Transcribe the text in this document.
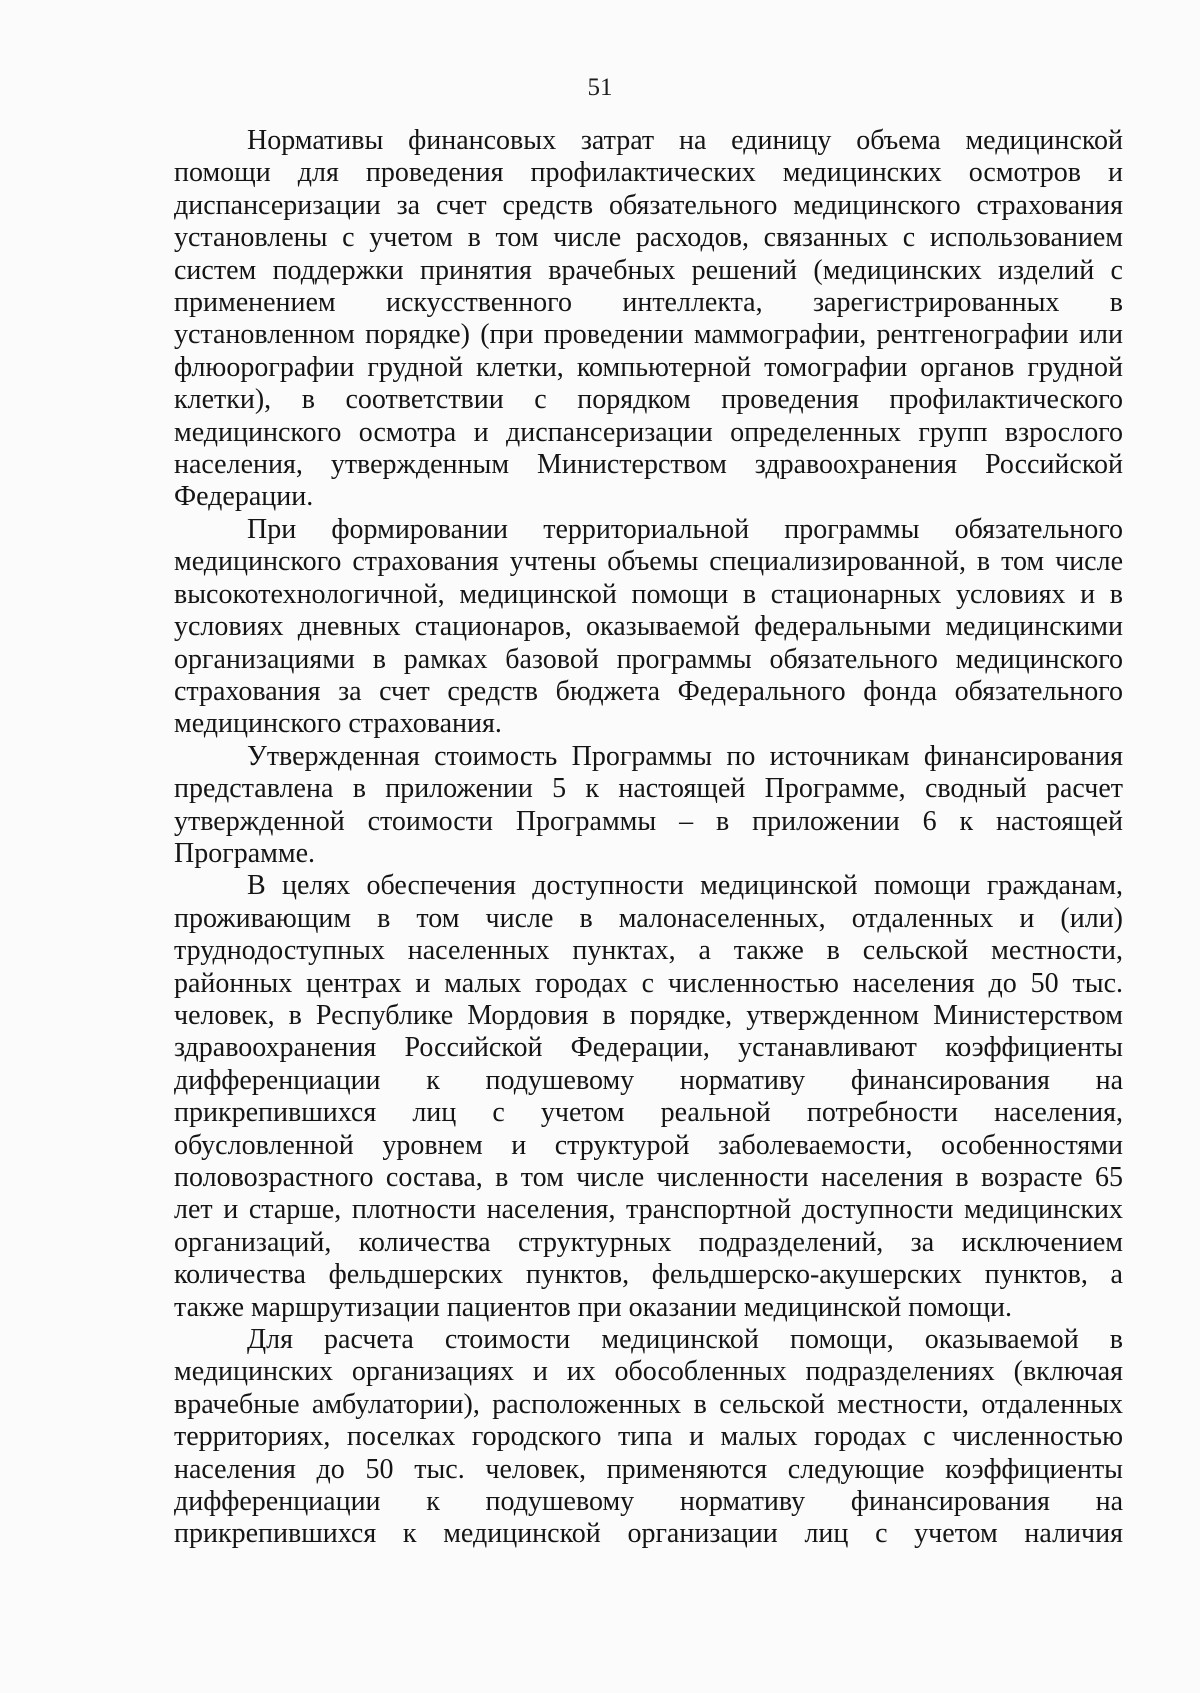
51
Нормативы финансовых затрат на единицу объема медицинской
помощи для проведения профилактических медицинских осмотров и
диспансеризации за счет средств обязательного медицинского страхования
установлены с учетом в том числе расходов, связанных с использованием
систем поддержки принятия врачебных решений (медицинских изделий с
применением искусственного интеллекта, зарегистрированных в
установленном порядке) (при проведении маммографии, рентгенографии или
флюорографии грудной клетки, компьютерной томографии органов грудной
клетки), в соответствии с порядком проведения профилактического
медицинского осмотра и диспансеризации определенных групп взрослого
населения, утвержденным Министерством здравоохранения Российской
Федерации.
При формировании территориальной программы обязательного
медицинского страхования учтены объемы специализированной, в том числе
высокотехнологичной, медицинской помощи в стационарных условиях и в
условиях дневных стационаров, оказываемой федеральными медицинскими
организациями в рамках базовой программы обязательного медицинского
страхования за счет средств бюджета Федерального фонда обязательного
медицинского страхования.
Утвержденная стоимость Программы по источникам финансирования
представлена в приложении 5 к настоящей Программе, сводный расчет
утвержденной стоимости Программы – в приложении 6 к настоящей
Программе.
В целях обеспечения доступности медицинской помощи гражданам,
проживающим в том числе в малонаселенных, отдаленных и (или)
труднодоступных населенных пунктах, а также в сельской местности,
районных центрах и малых городах с численностью населения до 50 тыс.
человек, в Республике Мордовия в порядке, утвержденном Министерством
здравоохранения Российской Федерации, устанавливают коэффициенты
дифференциации к подушевому нормативу финансирования на
прикрепившихся лиц с учетом реальной потребности населения,
обусловленной уровнем и структурой заболеваемости, особенностями
половозрастного состава, в том числе численности населения в возрасте 65
лет и старше, плотности населения, транспортной доступности медицинских
организаций, количества структурных подразделений, за исключением
количества фельдшерских пунктов, фельдшерско-акушерских пунктов, а
также маршрутизации пациентов при оказании медицинской помощи.
Для расчета стоимости медицинской помощи, оказываемой в
медицинских организациях и их обособленных подразделениях (включая
врачебные амбулатории), расположенных в сельской местности, отдаленных
территориях, поселках городского типа и малых городах с численностью
населения до 50 тыс. человек, применяются следующие коэффициенты
дифференциации к подушевому нормативу финансирования на
прикрепившихся к медицинской организации лиц с учетом наличия
